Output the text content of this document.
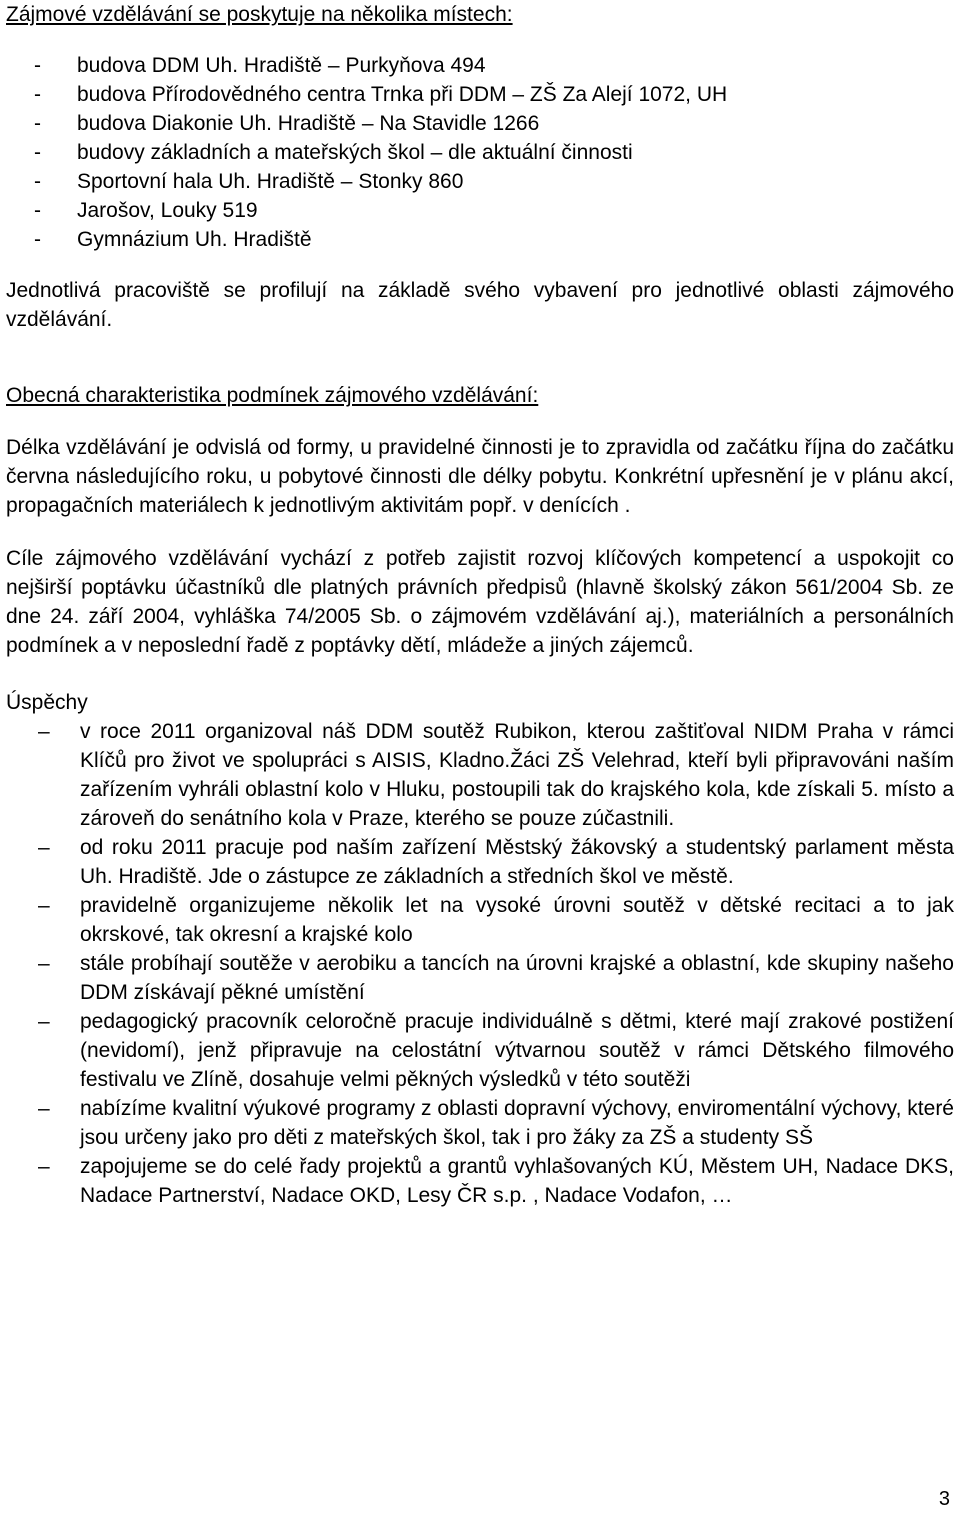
Zájmové vzdělávání se poskytuje na několika místech:

- budova DDM Uh. Hradiště – Purkyňova 494
- budova Přírodovědného centra Trnka při DDM – ZŠ Za Alejí 1072, UH
- budova Diakonie Uh. Hradiště – Na Stavidle 1266
- budovy základních a mateřských škol – dle aktuální činnosti
- Sportovní hala Uh. Hradiště – Stonky 860
- Jarošov, Louky 519
- Gymnázium Uh. Hradiště

Jednotlivá pracoviště se profilují na základě svého vybavení pro jednotlivé oblasti zájmového vzdělávání.

Obecná charakteristika podmínek zájmového vzdělávání:

Délka vzdělávání je odvislá od formy, u pravidelné činnosti je to zpravidla od začátku října do začátku června následujícího roku, u pobytové činnosti dle délky pobytu. Konkrétní upřesnění je v plánu akcí, propagačních materiálech k jednotlivým aktivitám popř. v denících .

Cíle zájmového vzdělávání vychází z potřeb zajistit rozvoj klíčových kompetencí a uspokojit co nejširší poptávku účastníků dle platných právních předpisů (hlavně školský zákon 561/2004 Sb. ze dne 24. září 2004, vyhláška 74/2005 Sb. o zájmovém vzdělávání aj.), materiálních a personálních podmínek a v neposlední řadě z poptávky dětí, mládeže a jiných zájemců.

Úspěchy

– v roce 2011 organizoval náš DDM soutěž Rubikon, kterou zaštiťoval NIDM Praha v rámci Klíčů pro život ve spolupráci s AISIS, Kladno.Žáci ZŠ Velehrad, kteří byli připravováni naším zařízením vyhráli oblastní kolo v Hluku, postoupili tak do krajského kola, kde získali 5. místo a zároveň do senátního kola v Praze, kterého se pouze zúčastnili.
– od roku 2011 pracuje pod naším zařízení Městský žákovský a studentský parlament města Uh. Hradiště. Jde o zástupce ze základních a středních škol ve městě.
– pravidelně organizujeme několik let na vysoké úrovni soutěž v dětské recitaci a to jak okrskové, tak okresní a krajské kolo
– stále probíhají soutěže v aerobiku a tancích na úrovni krajské a oblastní, kde skupiny našeho DDM získávají pěkné umístění
– pedagogický pracovník celoročně pracuje individuálně s dětmi, které mají zrakové postižení (nevidomí), jenž připravuje na celostátní výtvarnou soutěž v rámci Dětského filmového festivalu ve Zlíně, dosahuje velmi pěkných výsledků v této soutěži
– nabízíme kvalitní výukové programy z oblasti dopravní výchovy, enviromentální výchovy, které jsou určeny jako pro děti z mateřských škol, tak i pro žáky za ZŠ a studenty SŠ
– zapojujeme se do celé řady projektů a grantů vyhlašovaných KÚ, Městem UH, Nadace DKS, Nadace Partnerství, Nadace OKD, Lesy ČR s.p. , Nadace Vodafon, …
3
